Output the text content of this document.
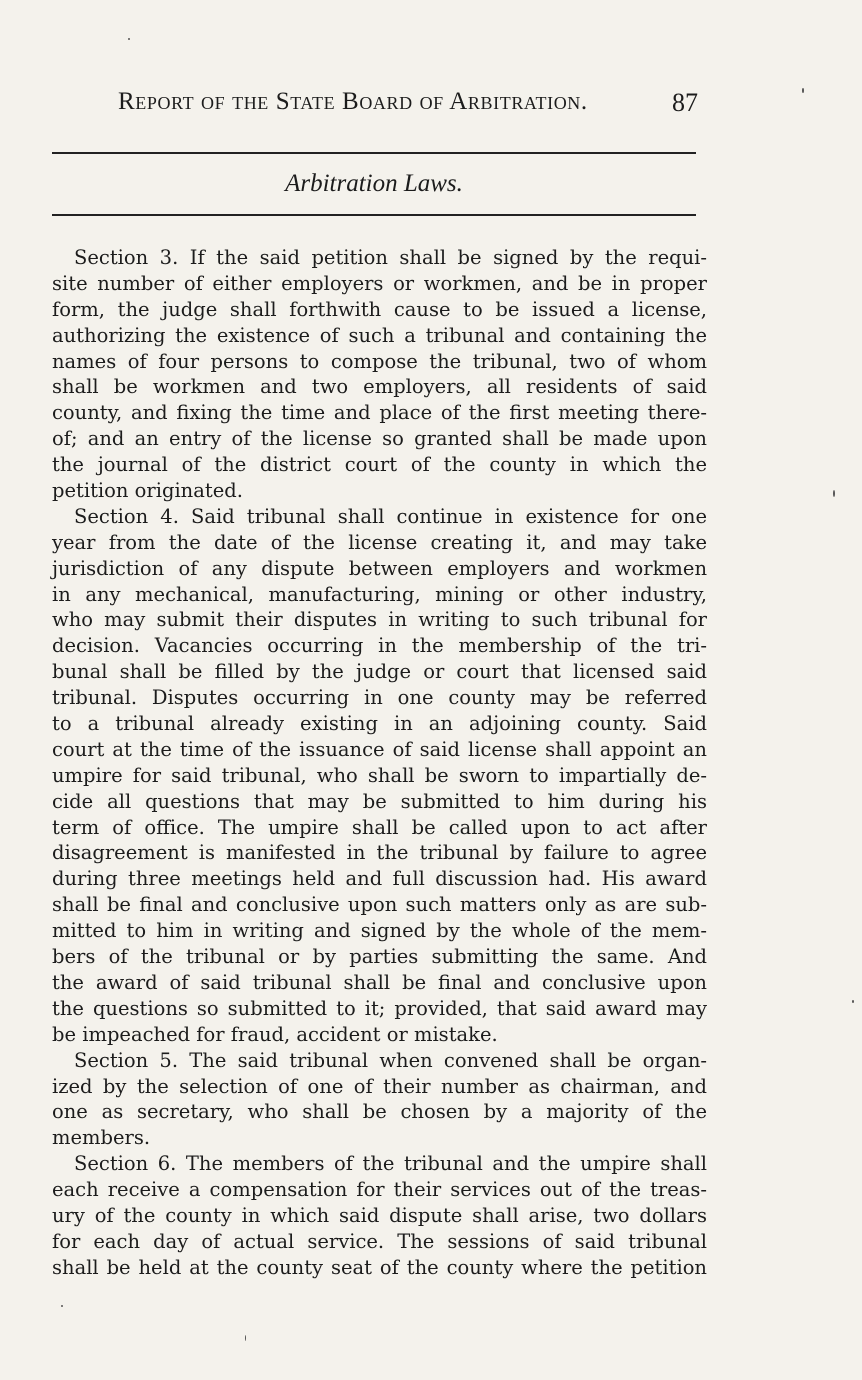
Report of the State Board of Arbitration.	87
Arbitration Laws.
Section 3. If the said petition shall be signed by the requi-
site number of either employers or workmen, and be in proper
form, the judge shall forthwith cause to be issued a license,
authorizing the existence of such a tribunal and containing the
names of four persons to compose the tribunal, two of whom
shall be workmen and two employers, all residents of said
county, and fixing the time and place of the first meeting there-
of; and an entry of the license so granted shall be made upon
the journal of the district court of the county in which the
petition originated.
Section 4. Said tribunal shall continue in existence for one
year from the date of the license creating it, and may take
jurisdiction of any dispute between employers and workmen
in any mechanical, manufacturing, mining or other industry,
who may submit their disputes in writing to such tribunal for
decision. Vacancies occurring in the membership of the tri-
bunal shall be filled by the judge or court that licensed said
tribunal. Disputes occurring in one county may be referred
to a tribunal already existing in an adjoining county. Said
court at the time of the issuance of said license shall appoint an
umpire for said tribunal, who shall be sworn to impartially de-
cide all questions that may be submitted to him during his
term of office. The umpire shall be called upon to act after
disagreement is manifested in the tribunal by failure to agree
during three meetings held and full discussion had. His award
shall be final and conclusive upon such matters only as are sub-
mitted to him in writing and signed by the whole of the mem-
bers of the tribunal or by parties submitting the same. And
the award of said tribunal shall be final and conclusive upon
the questions so submitted to it; provided, that said award may
be impeached for fraud, accident or mistake.
Section 5. The said tribunal when convened shall be organ-
ized by the selection of one of their number as chairman, and
one as secretary, who shall be chosen by a majority of the
members.
Section 6. The members of the tribunal and the umpire shall
each receive a compensation for their services out of the treas-
ury of the county in which said dispute shall arise, two dollars
for each day of actual service. The sessions of said tribunal
shall be held at the county seat of the county where the petition
